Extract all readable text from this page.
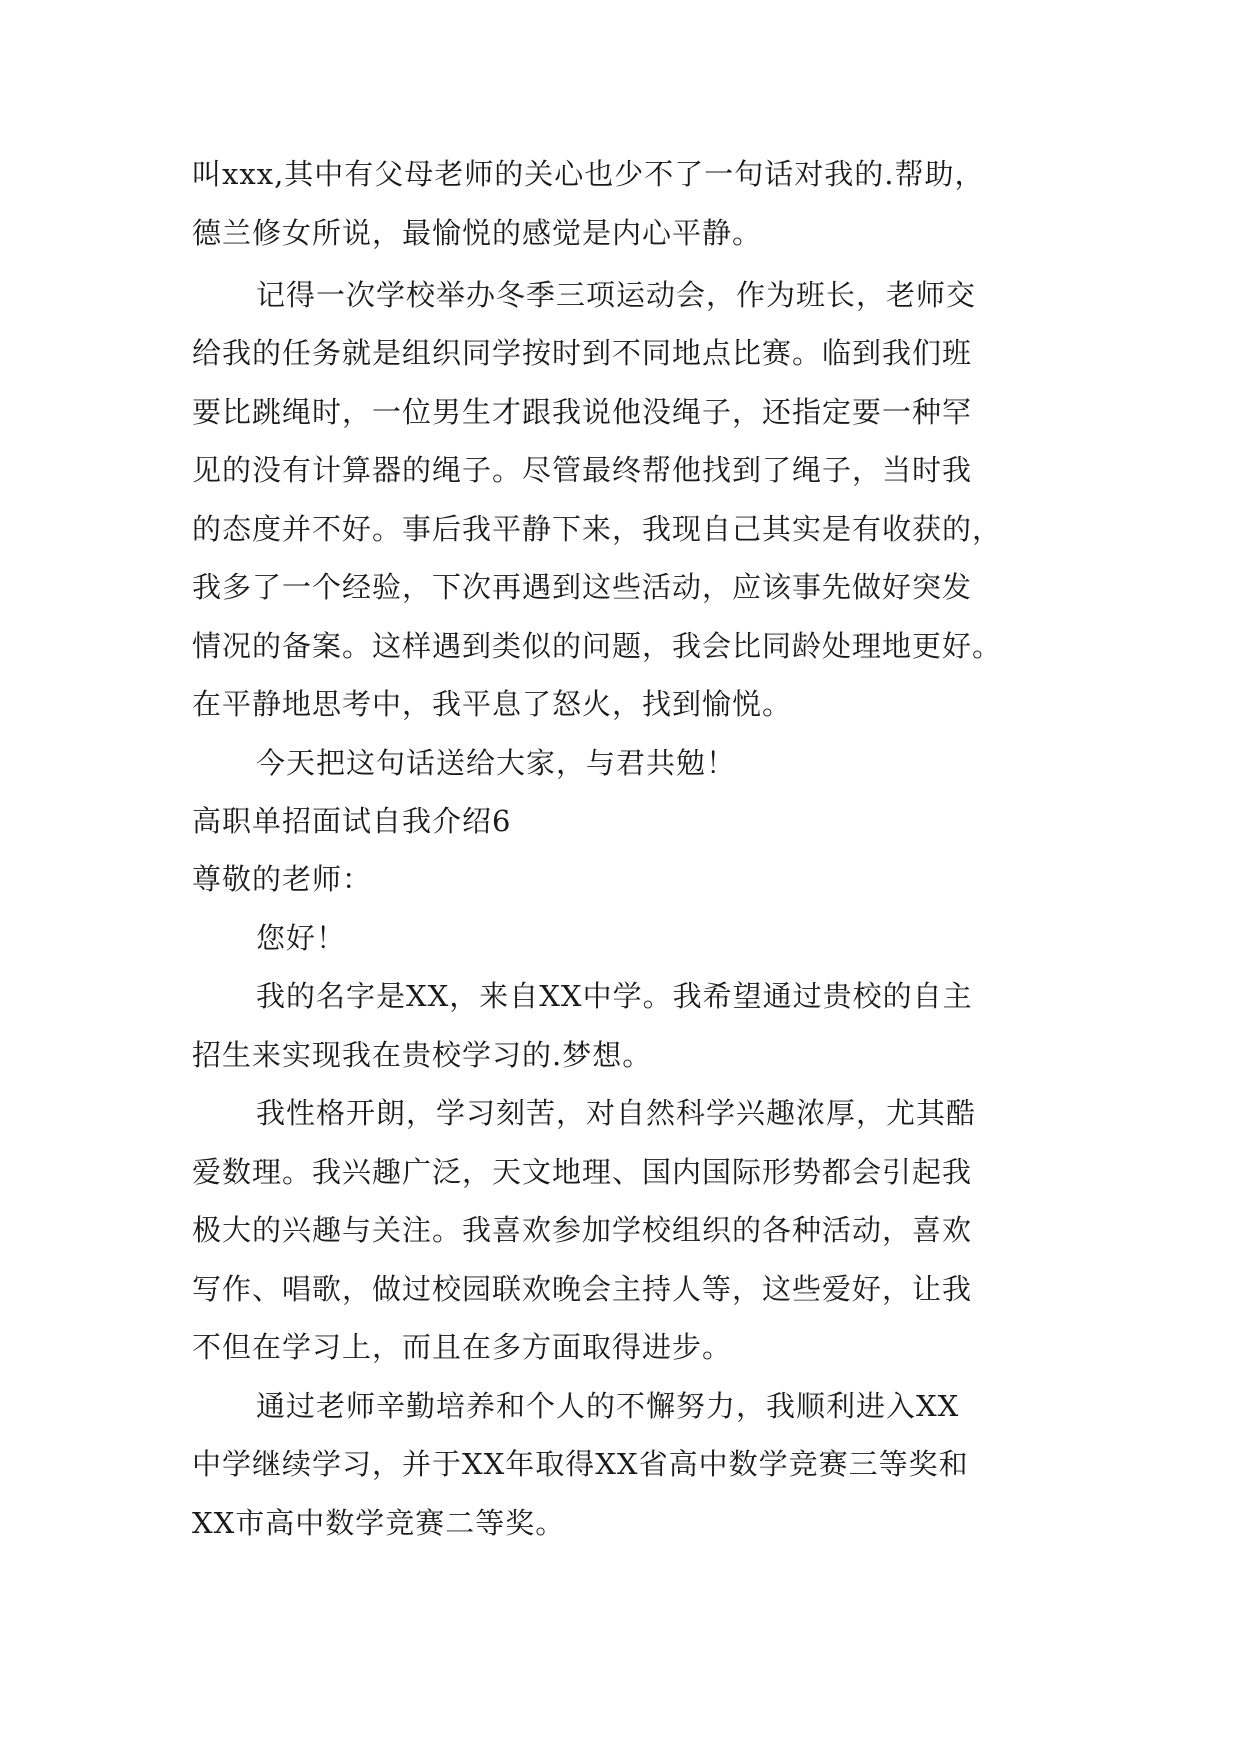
叫xxx,其中有父母老师的关心也少不了一句话对我的.帮助，
德兰修女所说，最愉悦的感觉是内心平静。
记得一次学校举办冬季三项运动会，作为班长，老师交
给我的任务就是组织同学按时到不同地点比赛。临到我们班
要比跳绳时，一位男生才跟我说他没绳子，还指定要一种罕
见的没有计算器的绳子。尽管最终帮他找到了绳子，当时我
的态度并不好。事后我平静下来，我现自己其实是有收获的，
我多了一个经验，下次再遇到这些活动，应该事先做好突发
情况的备案。这样遇到类似的问题，我会比同龄处理地更好。
在平静地思考中，我平息了怒火，找到愉悦。
今天把这句话送给大家，与君共勉！
高职单招面试自我介绍6
尊敬的老师：
您好！
我的名字是XX，来自XX中学。我希望通过贵校的自主
招生来实现我在贵校学习的.梦想。
我性格开朗，学习刻苦，对自然科学兴趣浓厚，尤其酷
爱数理。我兴趣广泛，天文地理、国内国际形势都会引起我
极大的兴趣与关注。我喜欢参加学校组织的各种活动，喜欢
写作、唱歌，做过校园联欢晚会主持人等，这些爱好，让我
不但在学习上，而且在多方面取得进步。
通过老师辛勤培养和个人的不懈努力，我顺利进入XX
中学继续学习，并于XX年取得XX省高中数学竞赛三等奖和
XX市高中数学竞赛二等奖。
